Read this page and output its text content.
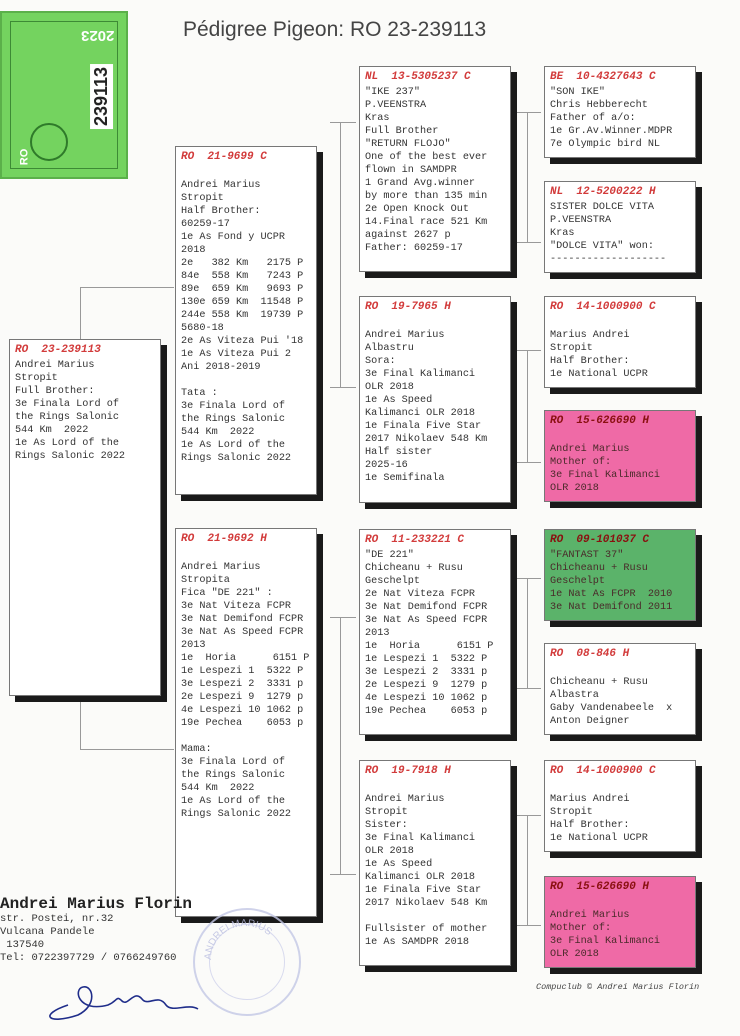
Pédigree Pigeon: RO 23-239113
2023
239113
RO
RO  23-239113
Andrei Marius
Stropit
Full Brother:
3e Finala Lord of
the Rings Salonic
544 Km  2022
1e As Lord of the
Rings Salonic 2022
RO  21-9699 C

Andrei Marius
Stropit
Half Brother:
60259-17
1e As Fond y UCPR
2018
2e   382 Km   2175 P
84e  558 Km   7243 P
89e  659 Km   9693 P
130e 659 Km  11548 P
244e 558 Km  19739 P
5680-18
2e As Viteza Pui '18
1e As Viteza Pui 2
Ani 2018-2019

Tata :
3e Finala Lord of
the Rings Salonic
544 Km  2022
1e As Lord of the
Rings Salonic 2022
RO  21-9692 H

Andrei Marius
Stropita
Fica "DE 221" :
3e Nat Viteza FCPR
3e Nat Demifond FCPR
3e Nat As Speed FCPR
2013
1e  Horia      6151 P
1e Lespezi 1  5322 P
3e Lespezi 2  3331 p
2e Lespezi 9  1279 p
4e Lespezi 10 1062 p
19e Pechea    6053 p

Mama:
3e Finala Lord of
the Rings Salonic
544 Km  2022
1e As Lord of the
Rings Salonic 2022
NL  13-5305237 C
"IKE 237"
P.VEENSTRA
Kras
Full Brother
"RETURN FLOJO"
One of the best ever
flown in SAMDPR
1 Grand Avg.winner
by more than 135 min
2e Open Knock Out
14.Final race 521 Km
against 2627 p
Father: 60259-17
RO  19-7965 H

Andrei Marius
Albastru
Sora:
3e Final Kalimanci
OLR 2018
1e As Speed
Kalimanci OLR 2018
1e Finala Five Star
2017 Nikolaev 548 Km
Half sister
2025-16
1e Semifinala
RO  11-233221 C
"DE 221"
Chicheanu + Rusu
Geschelpt
2e Nat Viteza FCPR
3e Nat Demifond FCPR
3e Nat As Speed FCPR
2013
1e  Horia      6151 P
1e Lespezi 1  5322 P
3e Lespezi 2  3331 p
2e Lespezi 9  1279 p
4e Lespezi 10 1062 p
19e Pechea    6053 p
RO  19-7918 H

Andrei Marius
Stropit
Sister:
3e Final Kalimanci
OLR 2018
1e As Speed
Kalimanci OLR 2018
1e Finala Five Star
2017 Nikolaev 548 Km

Fullsister of mother
1e As SAMDPR 2018
BE  10-4327643 C
"SON IKE"
Chris Hebberecht
Father of a/o:
1e Gr.Av.Winner.MDPR
7e Olympic bird NL
NL  12-5200222 H
SISTER DOLCE VITA
P.VEENSTRA
Kras
"DOLCE VITA" won:
-------------------
RO  14-1000900 C

Marius Andrei
Stropit
Half Brother:
1e National UCPR
RO  15-626690 H

Andrei Marius
Mother of:
3e Final Kalimanci
OLR 2018
RO  09-101037 C
"FANTAST 37"
Chicheanu + Rusu
Geschelpt
1e Nat As FCPR  2010
3e Nat Demifond 2011
RO  08-846 H

Chicheanu + Rusu
Albastra
Gaby Vandenabeele  x
Anton Deigner
RO  14-1000900 C

Marius Andrei
Stropit
Half Brother:
1e National UCPR
RO  15-626690 H

Andrei Marius
Mother of:
3e Final Kalimanci
OLR 2018
Andrei Marius Florin
str. Postei, nr.32
Vulcana Pandele
137540
Tel: 0722397729 / 0766249760	ANDREI MARIUS
Compuclub © Andrei Marius Florin
